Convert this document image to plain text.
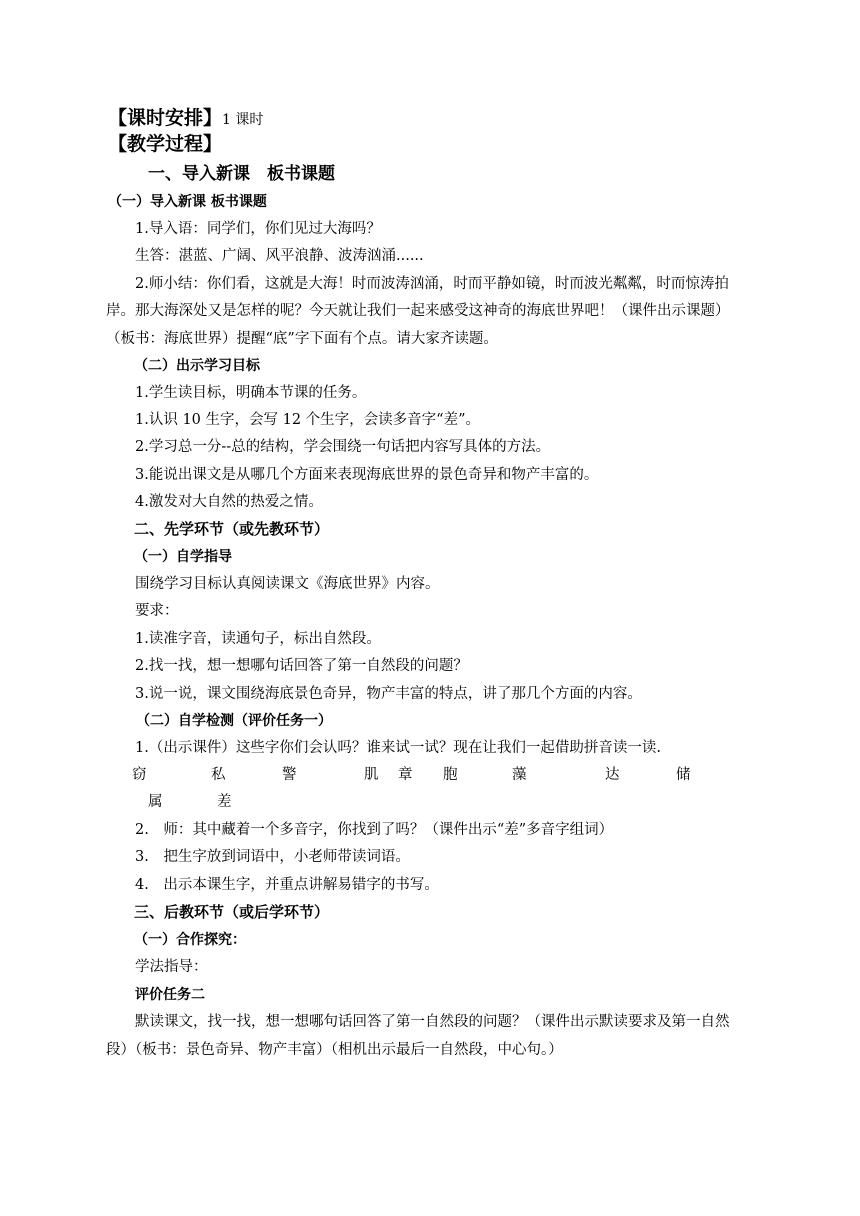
【课时安排】1 课时
【教学过程】
一、导入新课　板书课题
（一）导入新课 板书课题
1.导入语：同学们，你们见过大海吗？
生答：湛蓝、广阔、风平浪静、波涛汹涌......
2.师小结：你们看，这就是大海！时而波涛汹涌，时而平静如镜，时而波光粼粼，时而惊涛拍
岸。那大海深处又是怎样的呢？今天就让我们一起来感受这神奇的海底世界吧！（课件出示课题）
（板书：海底世界）提醒“底”字下面有个点。请大家齐读题。
（二）出示学习目标
1.学生读目标，明确本节课的任务。
1.认识 10 生字，会写 12 个生字，会读多音字“差”。
2.学习总一分--总的结构，学会围绕一句话把内容写具体的方法。
3.能说出课文是从哪几个方面来表现海底世界的景色奇异和物产丰富的。
4.激发对大自然的热爱之情。
二、先学环节（或先教环节）
（一）自学指导
围绕学习目标认真阅读课文《海底世界》内容。
要求：
1.读准字音，读通句子，标出自然段。
2.找一找，想一想哪句话回答了第一自然段的问题？
3.说一说，课文围绕海底景色奇异，物产丰富的特点，讲了那几个方面的内容。
（二）自学检测（评价任务一）
1.（出示课件）这些字你们会认吗？谁来试一试？现在让我们一起借助拼音读一读.
窃	私	警	肌 章 胞	藻	达	储
属	差
2.　师：其中藏着一个多音字，你找到了吗？（课件出示“差”多音字组词）
3.　把生字放到词语中，小老师带读词语。
4.　出示本课生字，并重点讲解易错字的书写。
三、后教环节（或后学环节）
（一）合作探究：
学法指导：
评价任务二
默读课文，找一找，想一想哪句话回答了第一自然段的问题？（课件出示默读要求及第一自然
段）（板书：景色奇异、物产丰富）（相机出示最后一自然段，中心句。）
